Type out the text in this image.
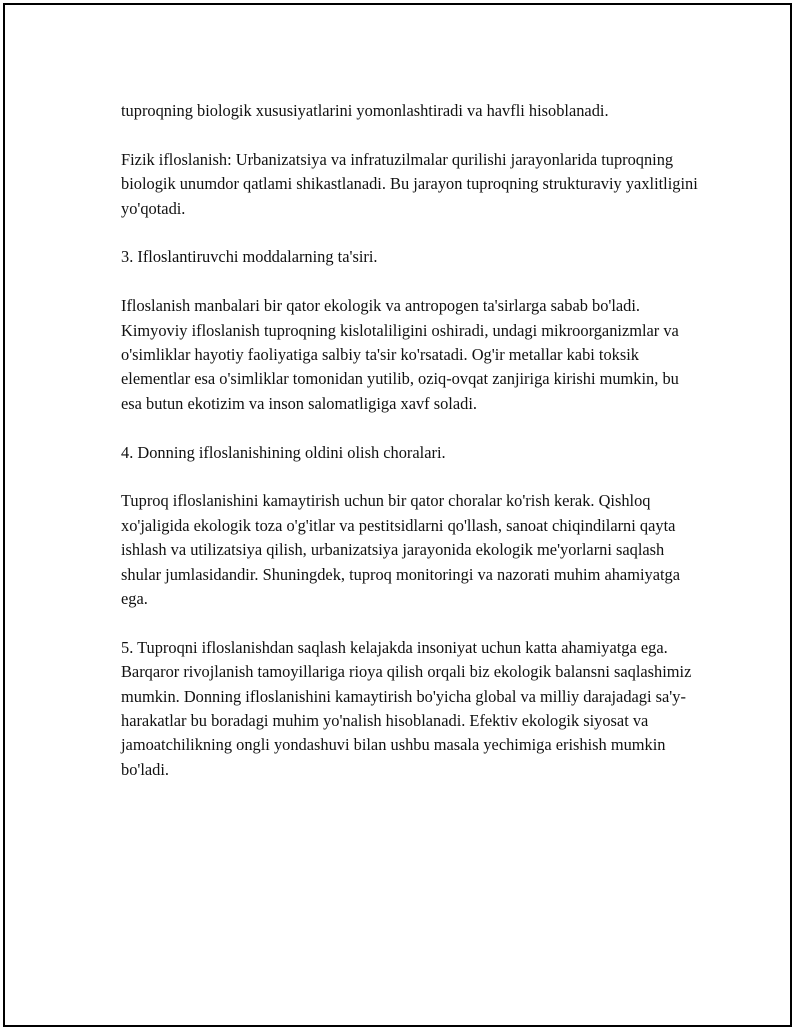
tuproqning biologik xususiyatlarini yomonlashtiradi va havfli hisoblanadi.

Fizik ifloslanish: Urbanizatsiya va infratuzilmalar qurilishi jarayonlarida tuproqning biologik unumdor qatlami shikastlanadi. Bu jarayon tuproqning strukturaviy yaxlitligini yo'qotadi.

3. Ifloslantiruvchi moddalarning ta'siri.

Ifloslanish manbalari bir qator ekologik va antropogen ta'sirlarga sabab bo'ladi. Kimyoviy ifloslanish tuproqning kislotaliligini oshiradi, undagi mikroorganizmlar va o'simliklar hayotiy faoliyatiga salbiy ta'sir ko'rsatadi. Og'ir metallar kabi toksik elementlar esa o'simliklar tomonidan yutilib, oziq-ovqat zanjiriga kirishi mumkin, bu esa butun ekotizim va inson salomatligiga xavf soladi.

4. Donning ifloslanishining oldini olish choralari.

Tuproq ifloslanishini kamaytirish uchun bir qator choralar ko'rish kerak. Qishloq xo'jaligida ekologik toza o'g'itlar va pestitsidlarni qo'llash, sanoat chiqindilarni qayta ishlash va utilizatsiya qilish, urbanizatsiya jarayonida ekologik me'yorlarni saqlash shular jumlasidandir. Shuningdek, tuproq monitoringi va nazorati muhim ahamiyatga ega.

5. Tuproqni ifloslanishdan saqlash kelajakda insoniyat uchun katta ahamiyatga ega. Barqaror rivojlanish tamoyillariga rioya qilish orqali biz ekologik balansni saqlashimiz mumkin. Donning ifloslanishini kamaytirish bo'yicha global va milliy darajadagi sa'y-harakatlar bu boradagi muhim yo'nalish hisoblanadi. Efektiv ekologik siyosat va jamoatchilikning ongli yondashuvi bilan ushbu masala yechimiga erishish mumkin bo'ladi.
